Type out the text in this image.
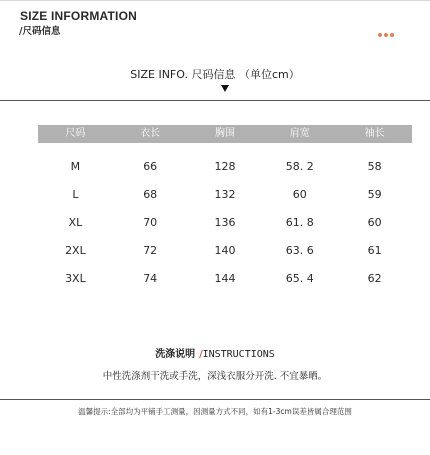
SIZE INFORMATION
/尺码信息
SIZE INFO. 尺码信息 （单位cm）
尺码	衣长	胸围	肩宽	袖长
M	66	128	58. 2	58
L	68	132	60	59
XL	70	136	61. 8	60
2XL	72	140	63. 6	61
3XL	74	144	65. 4	62
洗涤说明 /INSTRUCTIONS
中性洗涤剂干洗或手洗，深浅衣服分开洗. 不宜暴晒。
温馨提示:全部均为平铺手工测量，因测量方式不同，如有1-3cm误差皆属合理范围
